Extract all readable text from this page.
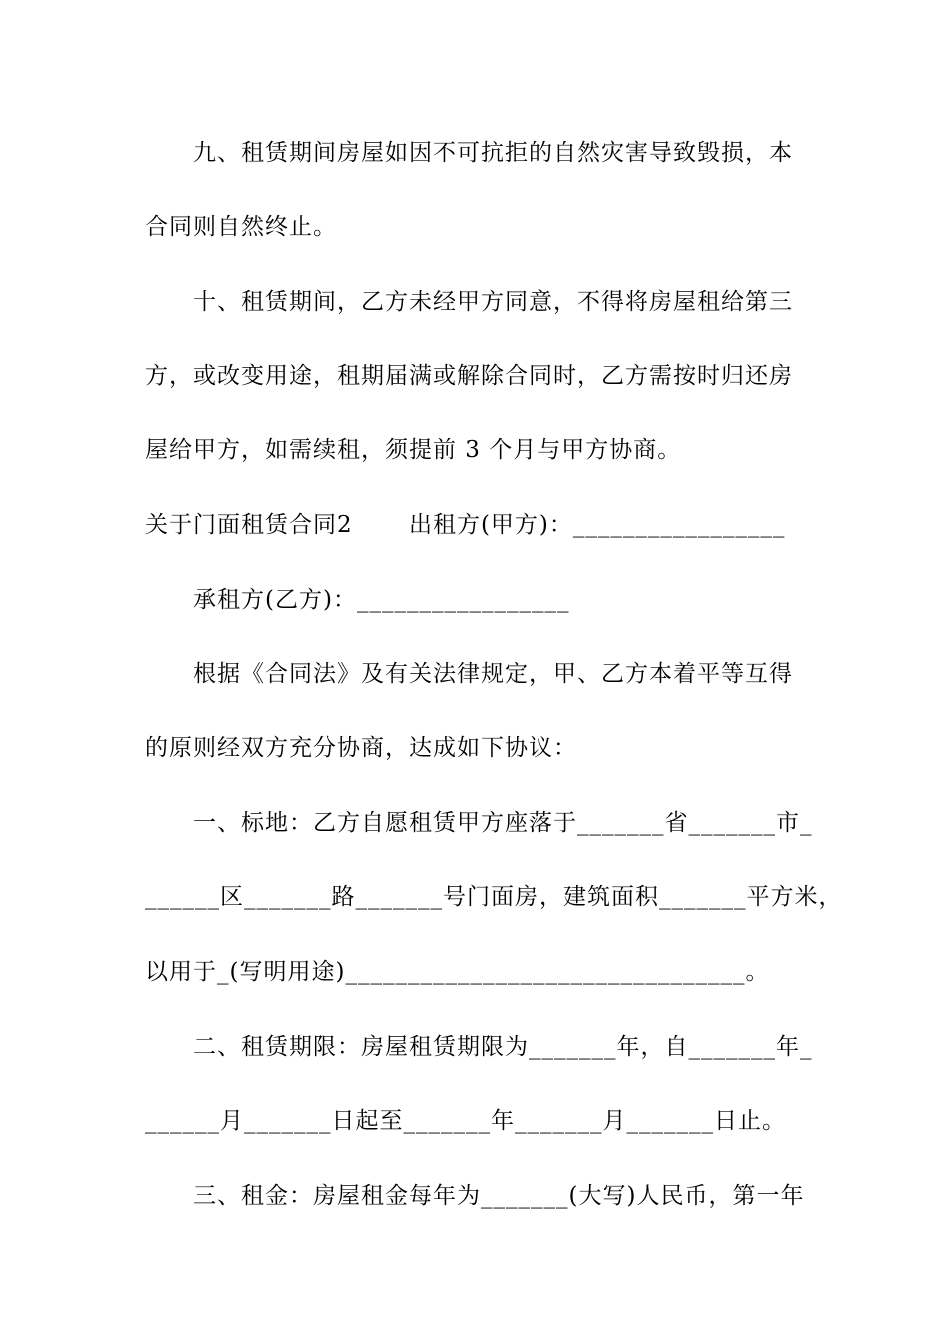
　　九、租赁期间房屋如因不可抗拒的自然灾害导致毁损，本
合同则自然终止。
　　十、租赁期间，乙方未经甲方同意，不得将房屋租给第三
方，或改变用途，租期届满或解除合同时，乙方需按时归还房
屋给甲方，如需续租，须提前 3 个月与甲方协商。
关于门面租赁合同2　　 出租方(甲方)：_________________
　　承租方(乙方)：_________________
　　根据《合同法》及有关法律规定，甲、乙方本着平等互得
的原则经双方充分协商，达成如下协议：
　　一、标地：乙方自愿租赁甲方座落于_______省_______市_
______区_______路_______号门面房，建筑面积_______平方米，
以用于_(写明用途)________________________________。
　　二、租赁期限：房屋租赁期限为_______年，自_______年_
______月_______日起至_______年_______月_______日止。
　　三、租金：房屋租金每年为_______(大写)人民币，第一年
